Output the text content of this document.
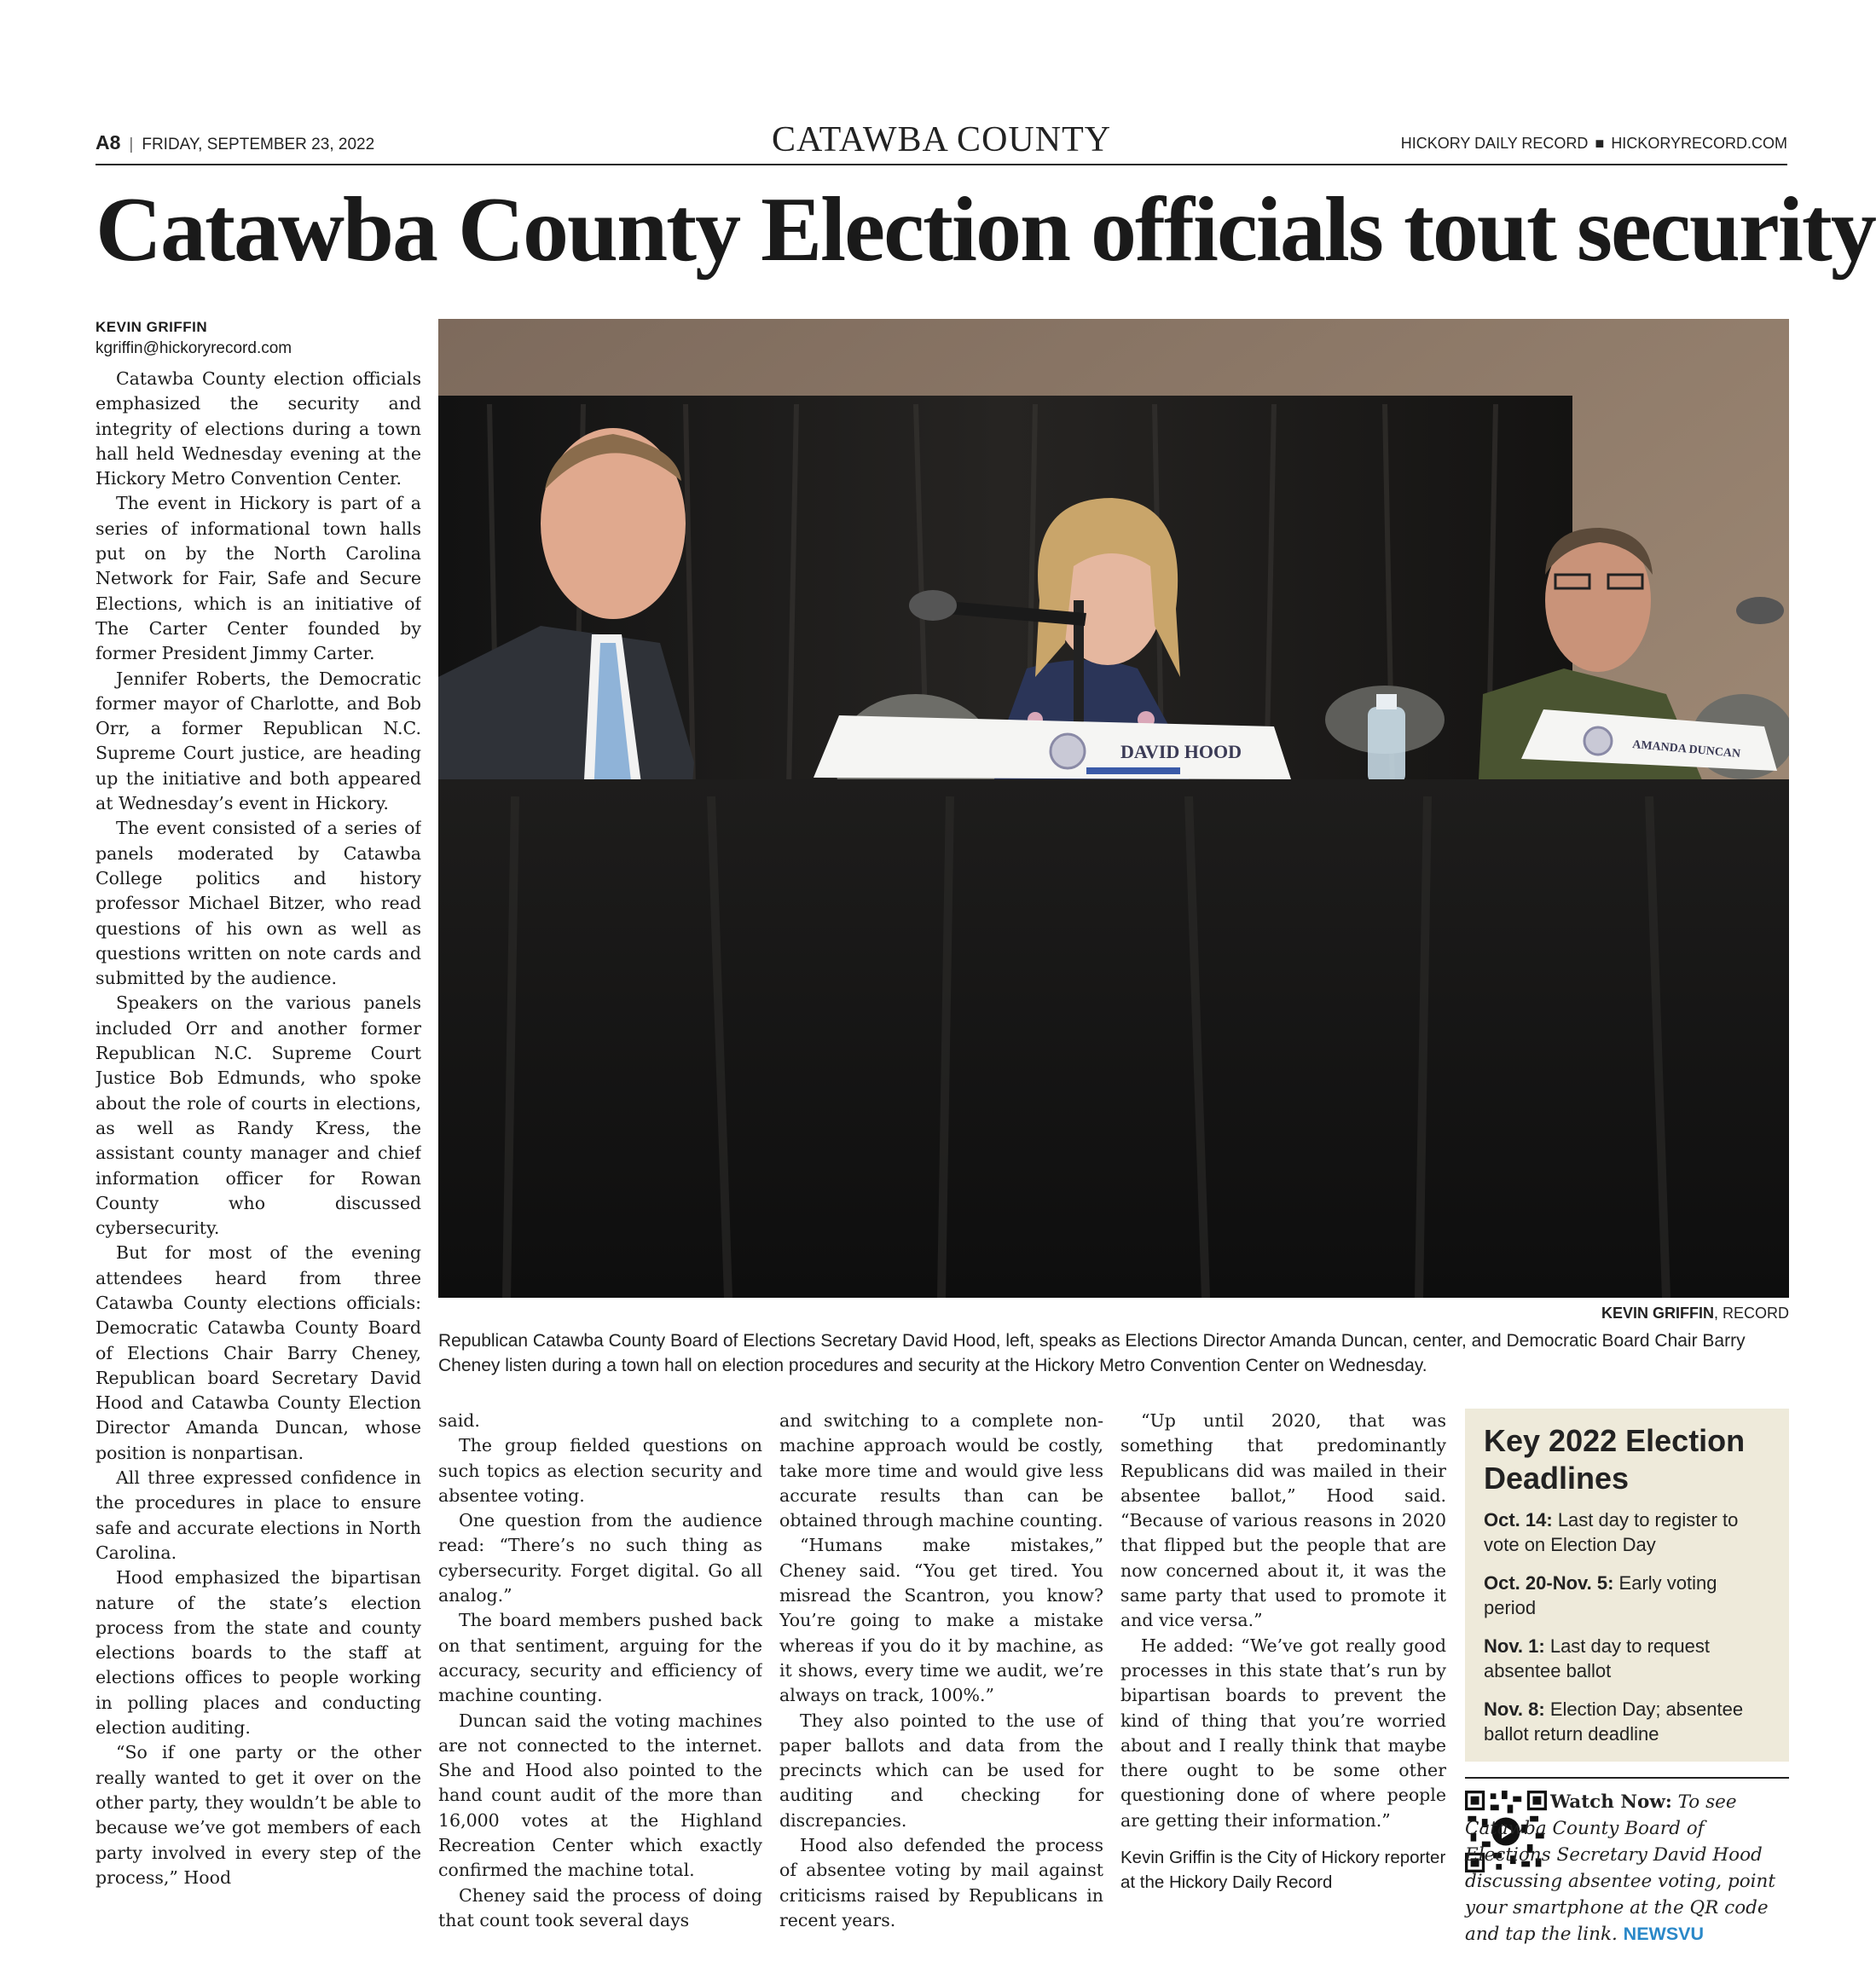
A8 | FRIDAY, SEPTEMBER 23, 2022	CATAWBA COUNTY	HICKORY DAILY RECORD ■ HICKORYRECORD.COM
Catawba County Election officials tout security
KEVIN GRIFFIN
kgriffin@hickoryrecord.com

Catawba County election officials emphasized the security and integrity of elections during a town hall held Wednesday evening at the Hickory Metro Convention Center.

The event in Hickory is part of a series of informational town halls put on by the North Carolina Network for Fair, Safe and Secure Elections, which is an initiative of The Carter Center founded by former President Jimmy Carter.

Jennifer Roberts, the Democratic former mayor of Charlotte, and Bob Orr, a former Republican N.C. Supreme Court justice, are heading up the initiative and both appeared at Wednesday’s event in Hickory.

The event consisted of a series of panels moderated by Catawba College politics and history professor Michael Bitzer, who read questions of his own as well as questions written on note cards and submitted by the audience.

Speakers on the various panels included Orr and another former Republican N.C. Supreme Court Justice Bob Edmunds, who spoke about the role of courts in elections, as well as Randy Kress, the assistant county manager and chief information officer for Rowan County who discussed cybersecurity.

But for most of the evening attendees heard from three Catawba County elections officials: Democratic Catawba County Board of Elections Chair Barry Cheney, Republican board Secretary David Hood and Catawba County Election Director Amanda Duncan, whose position is nonpartisan.

All three expressed confidence in the procedures in place to ensure safe and accurate elections in North Carolina.

Hood emphasized the bipartisan nature of the state’s election process from the state and county elections boards to the staff at elections offices to people working in polling places and conducting election auditing.

“So if one party or the other really wanted to get it over on the other party, they wouldn’t be able to because we’ve got members of each party involved in every step of the process,” Hood

DAVID HOOD	AMANDA DUNCAN
KEVIN GRIFFIN, RECORD
Republican Catawba County Board of Elections Secretary David Hood, left, speaks as Elections Director Amanda Duncan, center, and Democratic Board Chair Barry Cheney listen during a town hall on election procedures and security at the Hickory Metro Convention Center on Wednesday.

said.

The group fielded questions on such topics as election security and absentee voting.

One question from the audience read: “There’s no such thing as cybersecurity. Forget digital. Go all analog.”

The board members pushed back on that sentiment, arguing for the accuracy, security and efficiency of machine counting.

Duncan said the voting machines are not connected to the internet. She and Hood also pointed to the hand count audit of the more than 16,000 votes at the Highland Recreation Center which exactly confirmed the machine total.

Cheney said the process of doing that count took several days

and switching to a complete non-machine approach would be costly, take more time and would give less accurate results than can be obtained through machine counting.

“Humans make mistakes,” Cheney said. “You get tired. You misread the Scantron, you know? You’re going to make a mistake whereas if you do it by machine, as it shows, every time we audit, we’re always on track, 100%.”

They also pointed to the use of paper ballots and data from the precincts which can be used for auditing and checking for discrepancies.

Hood also defended the process of absentee voting by mail against criticisms raised by Republicans in recent years.

“Up until 2020, that was something that predominantly Republicans did was mailed in their absentee ballot,” Hood said. “Because of various reasons in 2020 that flipped but the people that are now concerned about it, it was the same party that used to promote it and vice versa.”

He added: “We’ve got really good processes in this state that’s run by bipartisan boards to prevent the kind of thing that you’re worried about and I really think that maybe there ought to be some other questioning done of where people are getting their information.”

Kevin Griffin is the City of Hickory reporter at the Hickory Daily Record
Key 2022 Election Deadlines
Oct. 14: Last day to register to vote on Election Day
Oct. 20-Nov. 5: Early voting period
Nov. 1: Last day to request absentee ballot
Nov. 8: Election Day; absentee ballot return deadline
Watch Now: To see Catawba County Board of Elections Secretary David Hood discussing absentee voting, point your smartphone at the QR code and tap the link. NEWSVU
